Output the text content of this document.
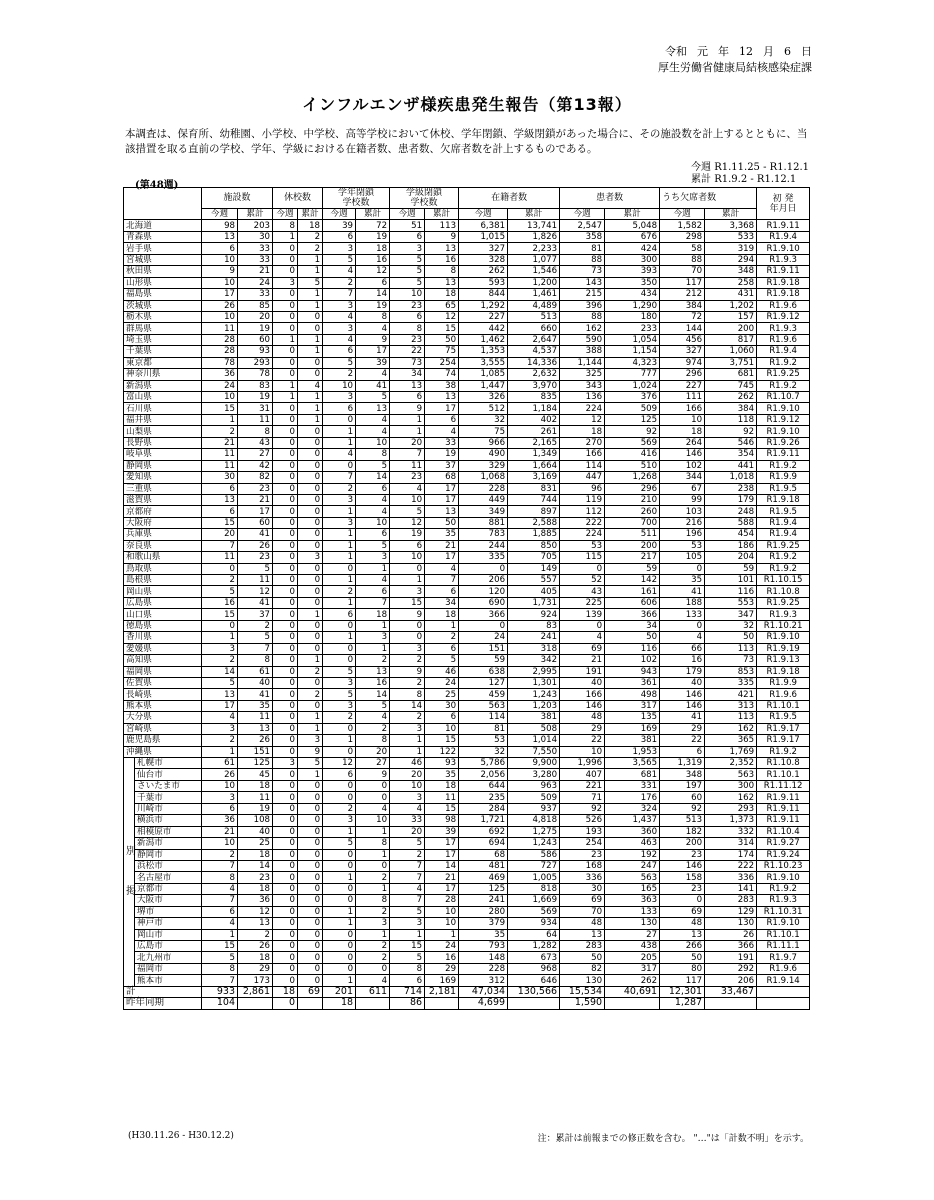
令和 元 年 12 月 6 日
厚生労働省健康局結核感染症課
インフルエンザ様疾患発生報告（第13報）
本調査は、保育所、幼稚園、小学校、中学校、高等学校において休校、学年閉鎖、学級閉鎖があった場合に、その施設数を計上するとともに、当該措置を取る直前の学校、学年、学級における在籍者数、患者数、欠席者数を計上するものである。
今週 R1.11.25 - R1.12.1
累計 R1.9.2 - R1.12.1
(第48週)
		施設数		休校数		学年閉鎖
学校数		学級閉鎖
学校数		在籍者数		患者数		うち欠席者数		初 発
年月日

		今週	累計	今週	累計	今週	累計	今週	累計	今週	累計	今週	累計	今週	累計	
北海道		98	203	8	18	39	72	51	113	6,381	13,741	2,547	5,048	1,582	3,368	R1.9.11
青森県		13	30	1	2	6	19	6	9	1,015	1,826	358	676	298	533	R1.9.4
岩手県		6	33	0	2	3	18	3	13	327	2,233	81	424	58	319	R1.9.10
宮城県		10	33	0	1	5	16	5	16	328	1,077	88	300	88	294	R1.9.3
秋田県		9	21	0	1	4	12	5	8	262	1,546	73	393	70	348	R1.9.11
山形県		10	24	3	5	2	6	5	13	593	1,200	143	350	117	258	R1.9.18
福島県		17	33	0	1	7	14	10	18	844	1,461	215	434	212	431	R1.9.18
茨城県		26	85	0	1	3	19	23	65	1,292	4,489	396	1,290	384	1,202	R1.9.6
栃木県		10	20	0	0	4	8	6	12	227	513	88	180	72	157	R1.9.12
群馬県		11	19	0	0	3	4	8	15	442	660	162	233	144	200	R1.9.3
埼玉県		28	60	1	1	4	9	23	50	1,462	2,647	590	1,054	456	817	R1.9.6
千葉県		28	93	0	1	6	17	22	75	1,353	4,537	388	1,154	327	1,060	R1.9.4
東京都		78	293	0	0	5	39	73	254	3,555	14,336	1,144	4,323	974	3,751	R1.9.2
神奈川県		36	78	0	0	2	4	34	74	1,085	2,632	325	777	296	681	R1.9.25
新潟県		24	83	1	4	10	41	13	38	1,447	3,970	343	1,024	227	745	R1.9.2
富山県		10	19	1	1	3	5	6	13	326	835	136	376	111	262	R1.10.7
石川県		15	31	0	1	6	13	9	17	512	1,184	224	509	166	384	R1.9.10
福井県		1	11	0	1	0	4	1	6	32	402	12	125	10	118	R1.9.12
山梨県		2	8	0	0	1	4	1	4	75	261	18	92	18	92	R1.9.10
長野県		21	43	0	0	1	10	20	33	966	2,165	270	569	264	546	R1.9.26
岐阜県		11	27	0	0	4	8	7	19	490	1,349	166	416	146	354	R1.9.11
静岡県		11	42	0	0	0	5	11	37	329	1,664	114	510	102	441	R1.9.2
愛知県		30	82	0	0	7	14	23	68	1,068	3,169	447	1,268	344	1,018	R1.9.9
三重県		6	23	0	0	2	6	4	17	228	831	96	296	67	238	R1.9.5
滋賀県		13	21	0	0	3	4	10	17	449	744	119	210	99	179	R1.9.18
京都府		6	17	0	0	1	4	5	13	349	897	112	260	103	248	R1.9.5
大阪府		15	60	0	0	3	10	12	50	881	2,588	222	700	216	588	R1.9.4
兵庫県		20	41	0	0	1	6	19	35	783	1,885	224	511	196	454	R1.9.4
奈良県		7	26	0	0	1	5	6	21	244	850	53	200	53	186	R1.9.25
和歌山県		11	23	0	3	1	3	10	17	335	705	115	217	105	204	R1.9.2
鳥取県		0	5	0	0	0	1	0	4	0	149	0	59	0	59	R1.9.2
島根県		2	11	0	0	1	4	1	7	206	557	52	142	35	101	R1.10.15
岡山県		5	12	0	0	2	6	3	6	120	405	43	161	41	116	R1.10.8
広島県		16	41	0	0	1	7	15	34	690	1,731	225	606	188	553	R1.9.25
山口県		15	37	0	1	6	18	9	18	366	924	139	366	133	347	R1.9.3
徳島県		0	2	0	0	0	1	0	1	0	83	0	34	0	32	R1.10.21
香川県		1	5	0	0	1	3	0	2	24	241	4	50	4	50	R1.9.10
愛媛県		3	7	0	0	0	1	3	6	151	318	69	116	66	113	R1.9.19
高知県		2	8	0	1	0	2	2	5	59	342	21	102	16	73	R1.9.13
福岡県		14	61	0	2	5	13	9	46	638	2,995	191	943	179	853	R1.9.18
佐賀県		5	40	0	0	3	16	2	24	127	1,301	40	361	40	335	R1.9.9
長崎県		13	41	0	2	5	14	8	25	459	1,243	166	498	146	421	R1.9.6
熊本県		17	35	0	0	3	5	14	30	563	1,203	146	317	146	313	R1.10.1
大分県		4	11	0	1	2	4	2	6	114	381	48	135	41	113	R1.9.5
宮崎県		3	13	0	1	0	2	3	10	81	508	29	169	29	162	R1.9.17
鹿児島県		2	26	0	3	1	8	1	15	53	1,014	22	381	22	365	R1.9.17
沖縄県		1	151	0	9	0	20	1	122	32	7,550	10	1,953	6	1,769	R1.9.2

別
掲	札幌市	61	125	3	5	12	27	46	93	5,786	9,900	1,996	3,565	1,319	2,352	R1.10.8
	仙台市	26	45	0	1	6	9	20	35	2,056	3,280	407	681	348	563	R1.10.1
	さいたま市	10	18	0	0	0	0	10	18	644	963	221	331	197	300	R1.11.12
	千葉市	3	11	0	0	0	0	3	11	235	509	71	176	60	162	R1.9.11
	川崎市	6	19	0	0	2	4	4	15	284	937	92	324	92	293	R1.9.11
	横浜市	36	108	0	0	3	10	33	98	1,721	4,818	526	1,437	513	1,373	R1.9.11
	相模原市	21	40	0	0	1	1	20	39	692	1,275	193	360	182	332	R1.10.4
	新潟市	10	25	0	0	5	8	5	17	694	1,243	254	463	200	314	R1.9.27
	静岡市	2	18	0	0	0	1	2	17	68	586	23	192	23	174	R1.9.24
	浜松市	7	14	0	0	0	0	7	14	481	727	168	247	146	222	R1.10.23
	名古屋市	8	23	0	0	1	2	7	21	469	1,005	336	563	158	336	R1.9.10
	京都市	4	18	0	0	0	1	4	17	125	818	30	165	23	141	R1.9.2
	大阪市	7	36	0	0	0	8	7	28	241	1,669	69	363	0	283	R1.9.3
	堺市	6	12	0	0	1	2	5	10	280	569	70	133	69	129	R1.10.31
	神戸市	4	13	0	0	1	3	3	10	379	934	48	130	48	130	R1.9.10
	岡山市	1	2	0	0	0	1	1	1	35	64	13	27	13	26	R1.10.1
	広島市	15	26	0	0	0	2	15	24	793	1,282	283	438	266	366	R1.11.1
	北九州市	5	18	0	0	0	2	5	16	148	673	50	205	50	191	R1.9.7
	福岡市	8	29	0	0	0	0	8	29	228	968	82	317	80	292	R1.9.6
	熊本市	7	173	0	0	1	4	6	169	312	646	130	262	117	206	R1.9.14
計		933	2,861	18	69	201	611	714	2,181	47,034	130,566	15,534	40,691	12,301	33,467	
昨年同期		104		0		18		86		4,699		1,590		1,287		
(H30.11.26 - H30.12.2)	注：累計は前報までの修正数を含む。 "…"は「計数不明」を示す。
